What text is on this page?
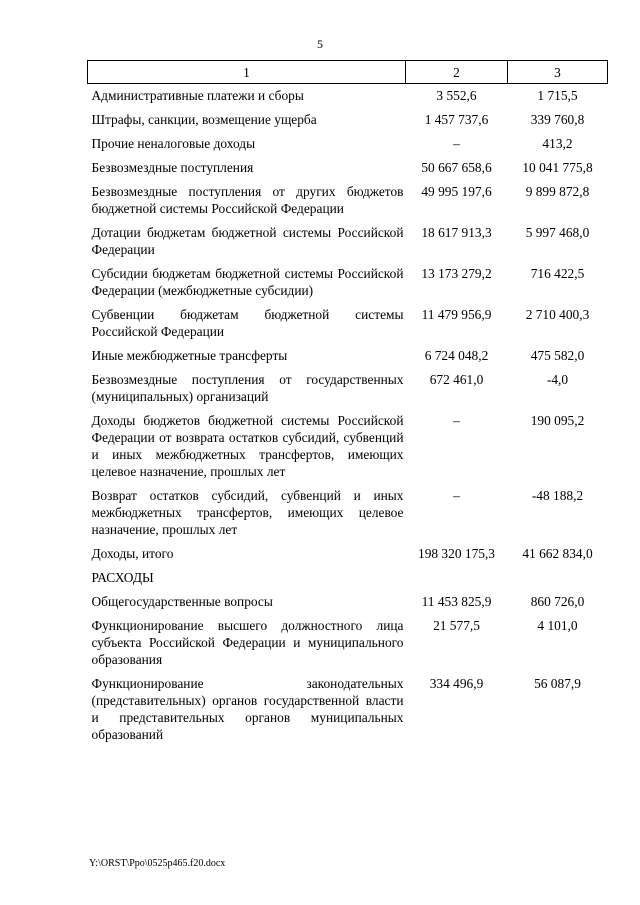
5
1	2	3
Административные платежи и сборы	3 552,6	1 715,5
Штрафы, санкции, возмещение ущерба	1 457 737,6	339 760,8
Прочие неналоговые доходы	–	413,2
Безвозмездные поступления	50 667 658,6	10 041 775,8
Безвозмездные поступления от других бюджетов бюджетной системы Российской Федерации	49 995 197,6	9 899 872,8
Дотации бюджетам бюджетной системы Российской Федерации	18 617 913,3	5 997 468,0
Субсидии бюджетам бюджетной системы Российской Федерации (межбюджетные субсидии)	13 173 279,2	716 422,5
Субвенции бюджетам бюджетной системы Российской Федерации	11 479 956,9	2 710 400,3
Иные межбюджетные трансферты	6 724 048,2	475 582,0
Безвозмездные поступления от государственных (муниципальных) организаций	672 461,0	-4,0
Доходы бюджетов бюджетной системы Российской Федерации от возврата остатков субсидий, субвенций и иных межбюджетных трансфертов, имеющих целевое назначение, прошлых лет	–	190 095,2
Возврат остатков субсидий, субвенций и иных межбюджетных трансфертов, имеющих целевое назначение, прошлых лет	–	-48 188,2
Доходы, итого	198 320 175,3	41 662 834,0
РАСХОДЫ		
Общегосударственные вопросы	11 453 825,9	860 726,0
Функционирование высшего должностного лица субъекта Российской Федерации и муниципального образования	21 577,5	4 101,0
Функционирование законодательных (представительных) органов государственной власти и представительных органов муниципальных образований	334 496,9	56 087,9
Y:\ORST\Ppo\0525p465.f20.docx
